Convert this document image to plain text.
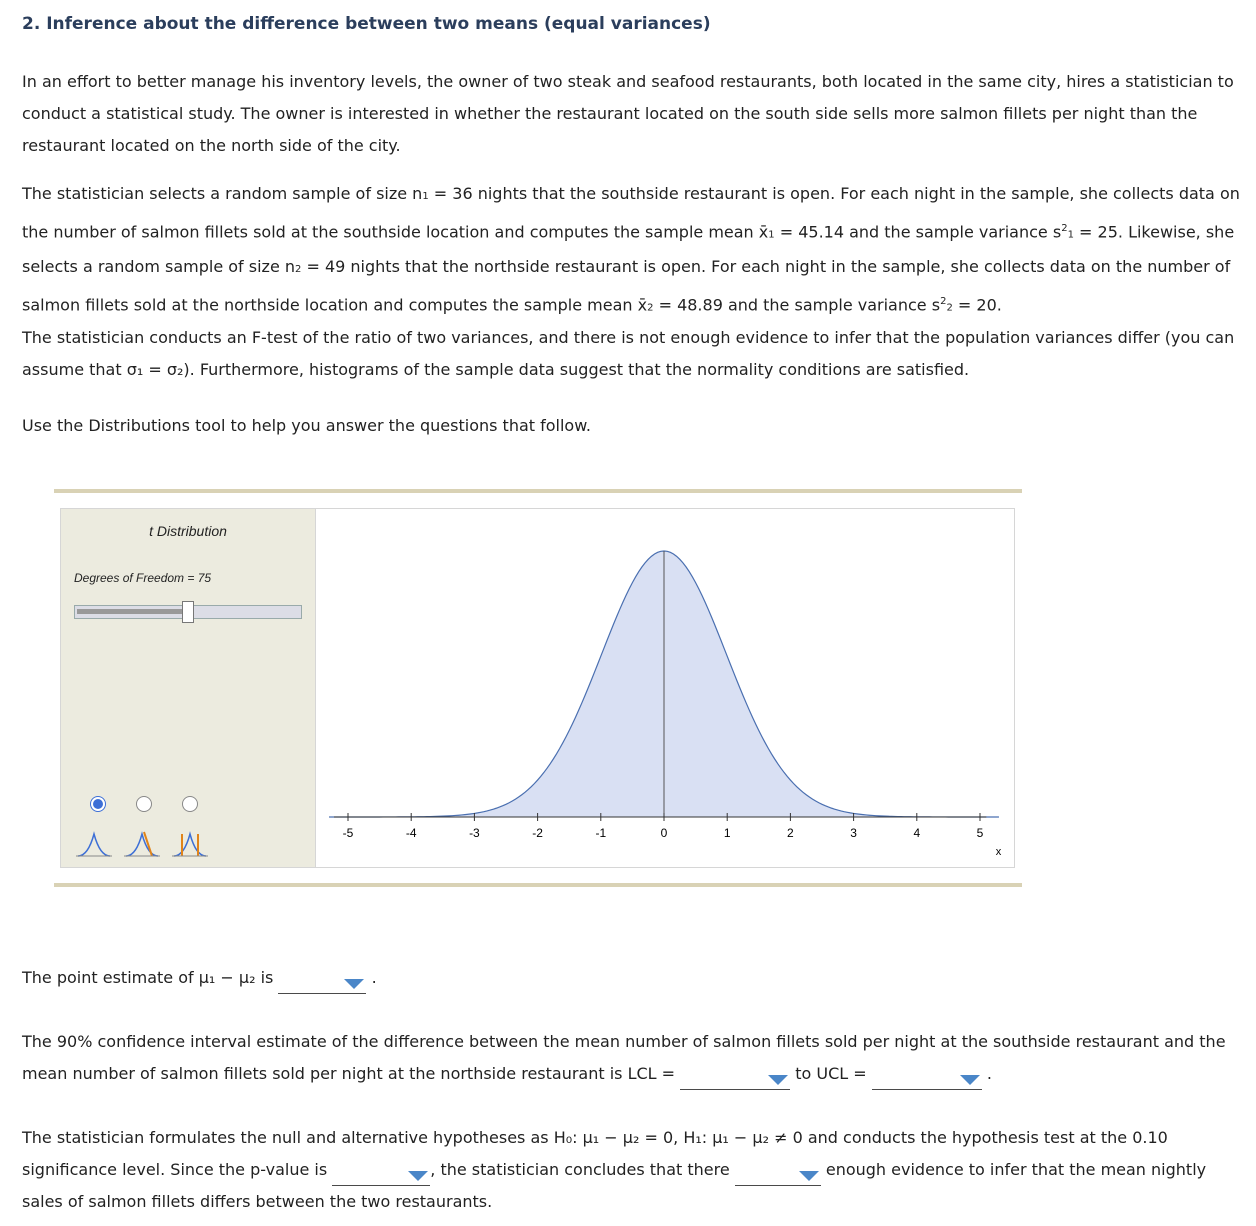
2. Inference about the difference between two means (equal variances)
In an effort to better manage his inventory levels, the owner of two steak and seafood restaurants, both located in the same city, hires a statistician to conduct a statistical study. The owner is interested in whether the restaurant located on the south side sells more salmon fillets per night than the restaurant located on the north side of the city.
The statistician selects a random sample of size n1 = 36 nights that the southside restaurant is open. For each night in the sample, she collects data on the number of salmon fillets sold at the southside location and computes the sample mean x̄1 = 45.14 and the sample variance $s^21 = 25$. Likewise, she selects a random sample of size n2 = 49 nights that the northside restaurant is open. For each night in the sample, she collects data on the number of salmon fillets sold at the northside location and computes the sample mean x̄2 = 48.89 and the sample variance $s^22 = 20$.
The statistician conducts an F-test of the ratio of two variances, and there is not enough evidence to infer that the population variances differ (you can assume that σ₁ = σ₂). Furthermore, histograms of the sample data suggest that the normality conditions are satisfied.
Use the Distributions tool to help you answer the questions that follow.
t Distribution
Degrees of Freedom = 75
-5	-4	-3	-2	-1	0	1	2	3	4	5
x
The point estimate of μ₁ − μ₂ is	.
The 90% confidence interval estimate of the difference between the mean number of salmon fillets sold per night at the southside restaurant and the mean number of salmon fillets sold per night at the northside restaurant is LCL =	to UCL =	.
The statistician formulates the null and alternative hypotheses as H₀: μ₁ − μ₂ = 0, H₁: μ₁ − μ₂ ≠ 0 and conducts the hypothesis test at the 0.10 significance level. Since the p-value is	, the statistician concludes that there	enough evidence to infer that the mean nightly sales of salmon fillets differs between the two restaurants.
